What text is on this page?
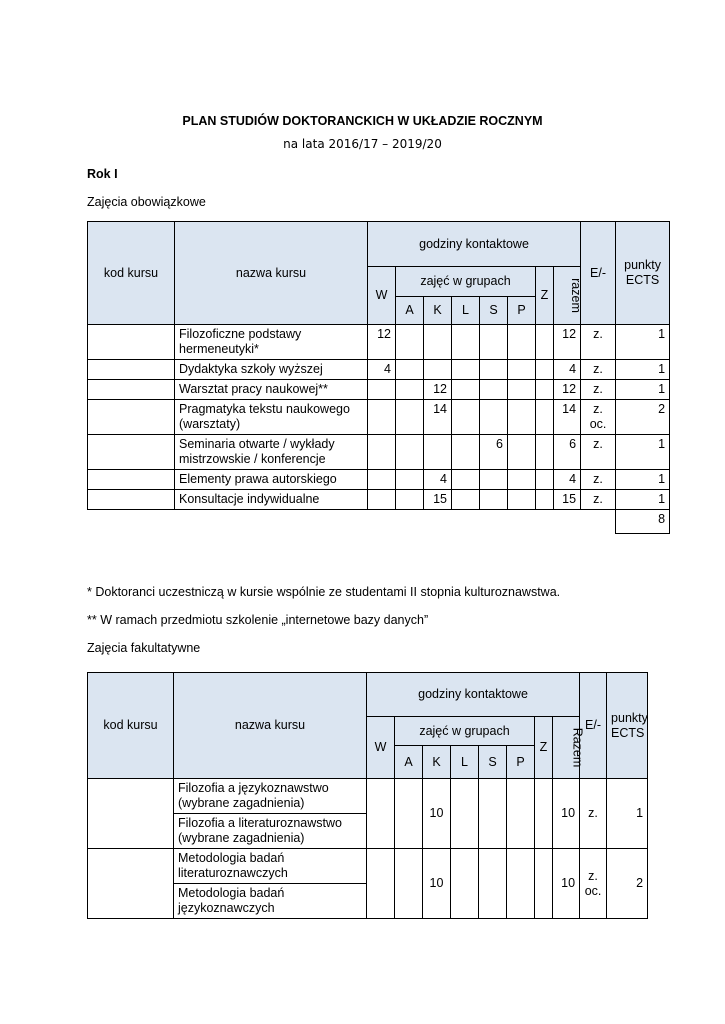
PLAN STUDIÓW DOKTORANCKICH W UKŁADZIE ROCZNYM
na lata 2016/17 – 2019/20
Rok I
Zajęcia obowiązkowe
kod kursu	nazwa kursu	godziny kontaktowe								E/-	punkty ECTS
		W	zajęć w grupach					Z	razem		
			A	K	L	S	P				
	Filozoficzne podstawy hermeneutyki*	12							12	z.	1
	Dydaktyka szkoły wyższej	4							4	z.	1
	Warsztat pracy naukowej**			12					12	z.	1
	Pragmatyka tekstu naukowego (warsztaty)			14					14	z. oc.	2
	Seminaria otwarte / wykłady mistrzowskie / konferencje					6			6	z.	1
	Elementy prawa autorskiego			4					4	z.	1
	Konsultacje indywidualne			15					15	z.	1
											8
* Doktoranci uczestniczą w kursie wspólnie ze studentami II stopnia kulturoznawstwa.
** W ramach przedmiotu szkolenie „internetowe bazy danych”
Zajęcia fakultatywne
kod kursu	nazwa kursu	godziny kontaktowe								E/-	punkty ECTS
		W	zajęć w grupach					Z	Razem		
			A	K	L	S	P				
	Filozofia a językoznawstwo (wybrane zagadnienia)			10					10	z.	1
	Filozofia a literaturoznawstwo (wybrane zagadnienia)										
	Metodologia badań literaturoznawczych			10					10	z. oc.	2
	Metodologia badań językoznawczych										
